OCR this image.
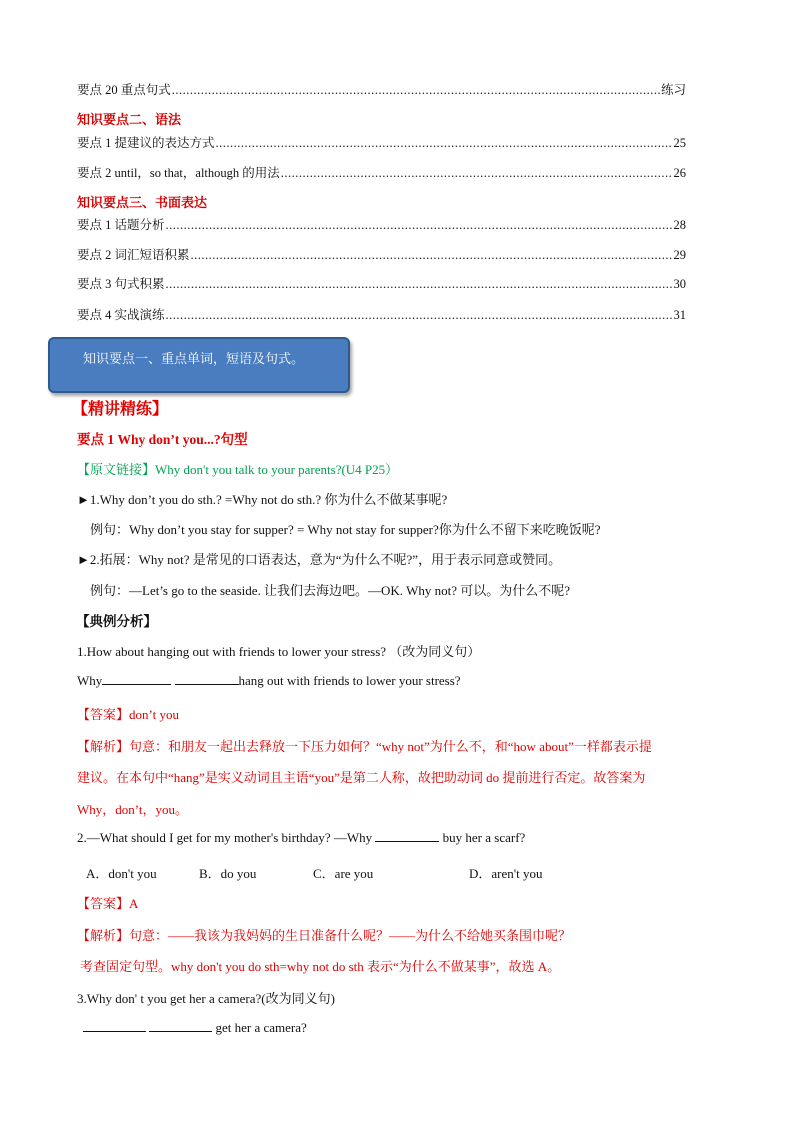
要点 20 重点句式 .....	练习
知识要点二、语法
要点 1 提建议的表达方式 .....	25
要点 2 until，so that，although 的用法 .....	26
知识要点三、书面表达
要点 1 话题分析 .....	28
要点 2 词汇短语积累 .....	29
要点 3 句式积累 .....	30
要点 4 实战演练 .....	31
知识要点一、重点单词，短语及句式。
【精讲精练】
要点 1 Why don’t you...?句型
【原文链接】Why don't you talk to your parents?(U4 P25）
►1.Why don’t you do sth.? =Why not do sth.? 你为什么不做某事呢?
例句：Why don’t you stay for supper? = Why not stay for supper?你为什么不留下来吃晚饭呢?
►2.拓展：Why not? 是常见的口语表达，意为“为什么不呢?”，用于表示同意或赞同。
例句：—Let’s go to the seaside. 让我们去海边吧。—OK. Why not? 可以。为什么不呢?
【典例分析】
1.How about hanging out with friends to lower your stress? （改为同义句）
Why	hang out with friends to lower your stress?
【答案】don’t you
【解析】句意：和朋友一起出去释放一下压力如何？“why not”为什么不，和“how about”一样都表示提
建议。在本句中“hang”是实义动词且主语“you”是第二人称，故把助动词 do 提前进行否定。故答案为
Why，don’t，you。
2.—What should I get for my mother's birthday? —Why	buy her a scarf?
A．don't you	B．do you	C．are you	D．aren't you
【答案】A
【解析】句意：——我该为我妈妈的生日准备什么呢？——为什么不给她买条围巾呢？
考查固定句型。why don't you do sth=why not do sth 表示“为什么不做某事”，故选 A。
3.Why don' t you get her a camera?(改为同义句)
get her a camera?
